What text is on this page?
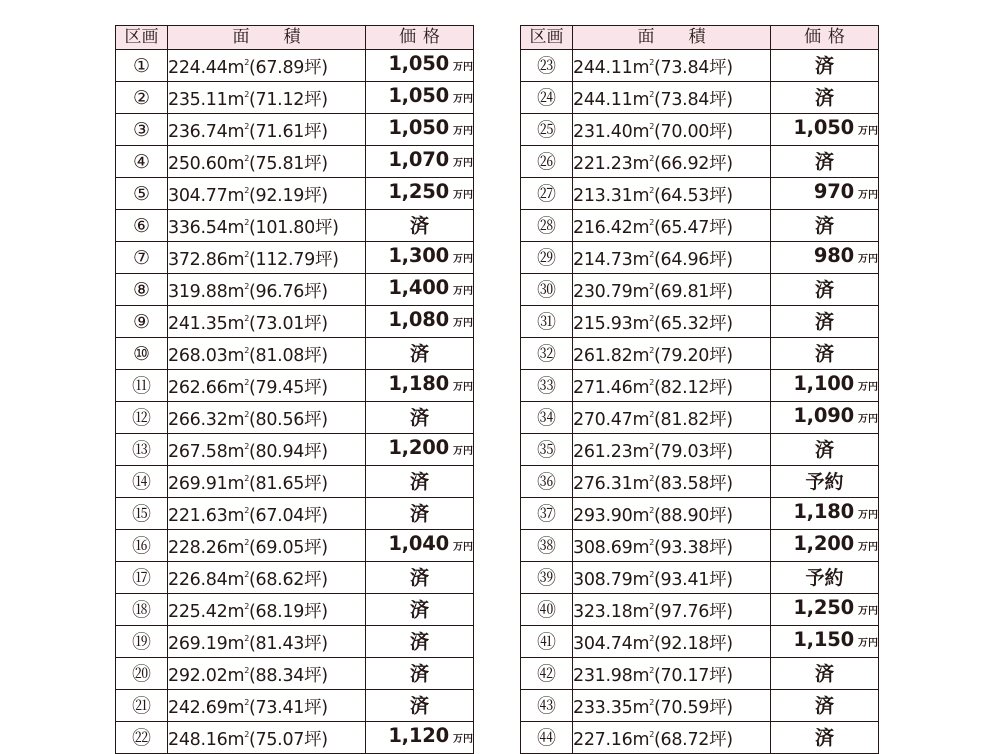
区画	面積	価格
①	$224.44m^2(67.89$坪)	1,050 万円
②	$235.11m^2(71.12$坪)	1,050 万円
③	$236.74m^2(71.61$坪)	1,050 万円
④	$250.60m^2(75.81$坪)	1,070 万円
⑤	$304.77m^2(92.19$坪)	1,250 万円
⑥	$336.54m^2(101.80$坪)	済
⑦	$372.86m^2(112.79$坪)	1,300 万円
⑧	$319.88m^2(96.76$坪)	1,400 万円
⑨	$241.35m^2(73.01$坪)	1,080 万円
⑩	$268.03m^2(81.08$坪)	済
⑪	$262.66m^2(79.45$坪)	1,180 万円
⑫	$266.32m^2(80.56$坪)	済
⑬	$267.58m^2(80.94$坪)	1,200 万円
⑭	$269.91m^2(81.65$坪)	済
⑮	$221.63m^2(67.04$坪)	済
⑯	$228.26m^2(69.05$坪)	1,040 万円
⑰	$226.84m^2(68.62$坪)	済
⑱	$225.42m^2(68.19$坪)	済
⑲	$269.19m^2(81.43$坪)	済
⑳	$292.02m^2(88.34$坪)	済
㉑	$242.69m^2(73.41$坪)	済
㉒	$248.16m^2(75.07$坪)	1,120 万円
区画	面積	価格
㉓	$244.11m^2(73.84$坪)	済
㉔	$244.11m^2(73.84$坪)	済
㉕	$231.40m^2(70.00$坪)	1,050 万円
㉖	$221.23m^2(66.92$坪)	済
㉗	$213.31m^2(64.53$坪)	970 万円
㉘	$216.42m^2(65.47$坪)	済
㉙	$214.73m^2(64.96$坪)	980 万円
㉚	$230.79m^2(69.81$坪)	済
㉛	$215.93m^2(65.32$坪)	済
㉜	$261.82m^2(79.20$坪)	済
㉝	$271.46m^2(82.12$坪)	1,100 万円
㉞	$270.47m^2(81.82$坪)	1,090 万円
㉟	$261.23m^2(79.03$坪)	済
㊱	$276.31m^2(83.58$坪)	予約
㊲	$293.90m^2(88.90$坪)	1,180 万円
㊳	$308.69m^2(93.38$坪)	1,200 万円
㊴	$308.79m^2(93.41$坪)	予約
㊵	$323.18m^2(97.76$坪)	1,250 万円
㊶	$304.74m^2(92.18$坪)	1,150 万円
㊷	$231.98m^2(70.17$坪)	済
㊸	$233.35m^2(70.59$坪)	済
㊹	$227.16m^2(68.72$坪)	済
